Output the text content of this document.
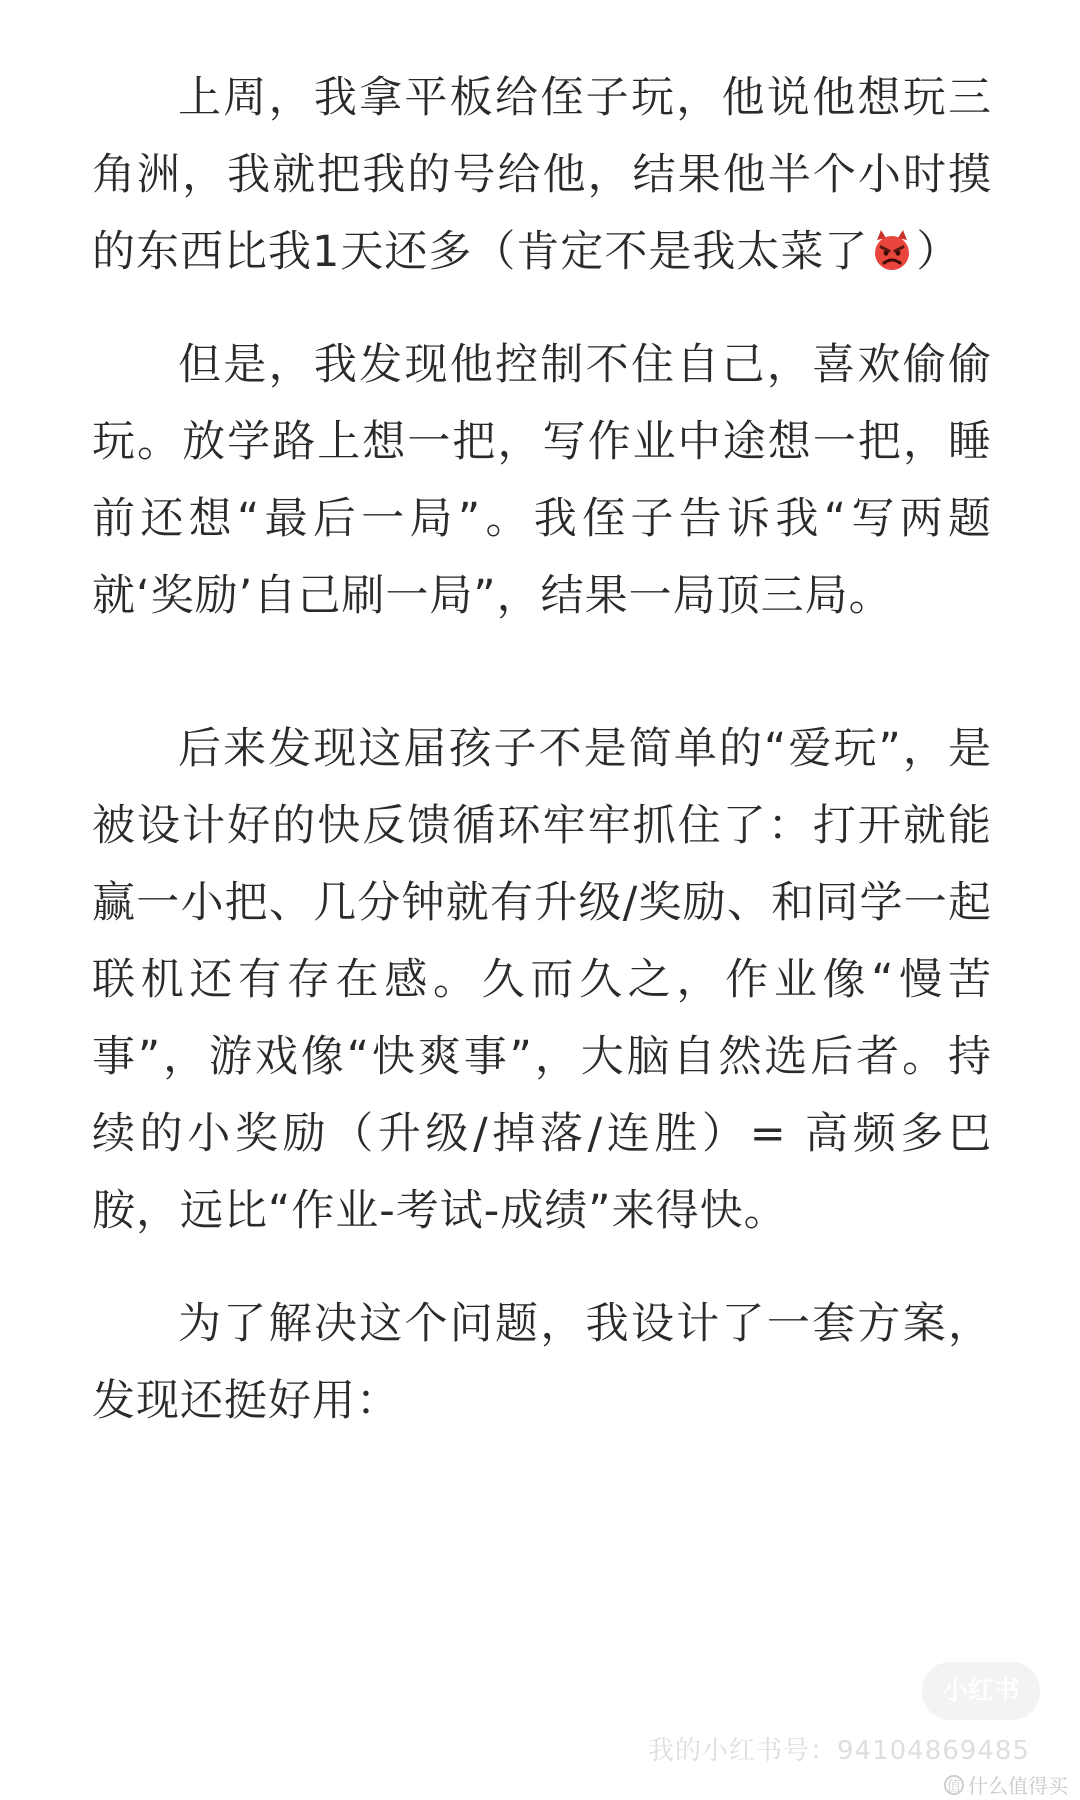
上周，我拿平板给侄子玩，他说他想玩三角洲，我就把我的号给他，结果他半个小时摸的东西比我1天还多（肯定不是我太菜了 ）

但是，我发现他控制不住自己，喜欢偷偷玩。放学路上想一把，写作业中途想一把，睡前还想“最后一局”。我侄子告诉我“写两题就‘奖励’自己刷一局”，结果一局顶三局。

后来发现这届孩子不是简单的“爱玩”，是被设计好的快反馈循环牢牢抓住了：打开就能赢一小把、几分钟就有升级/奖励、和同学一起联机还有存在感。久而久之，作业像“慢苦事”，游戏像“快爽事”，大脑自然选后者。持续的小奖励（升级/掉落/连胜）= 高频多巴胺，远比“作业-考试-成绩”来得快。

为了解决这个问题，我设计了一套方案，发现还挺好用：

小红书
我的小红书号：9410486948​5
值 什么值得买
